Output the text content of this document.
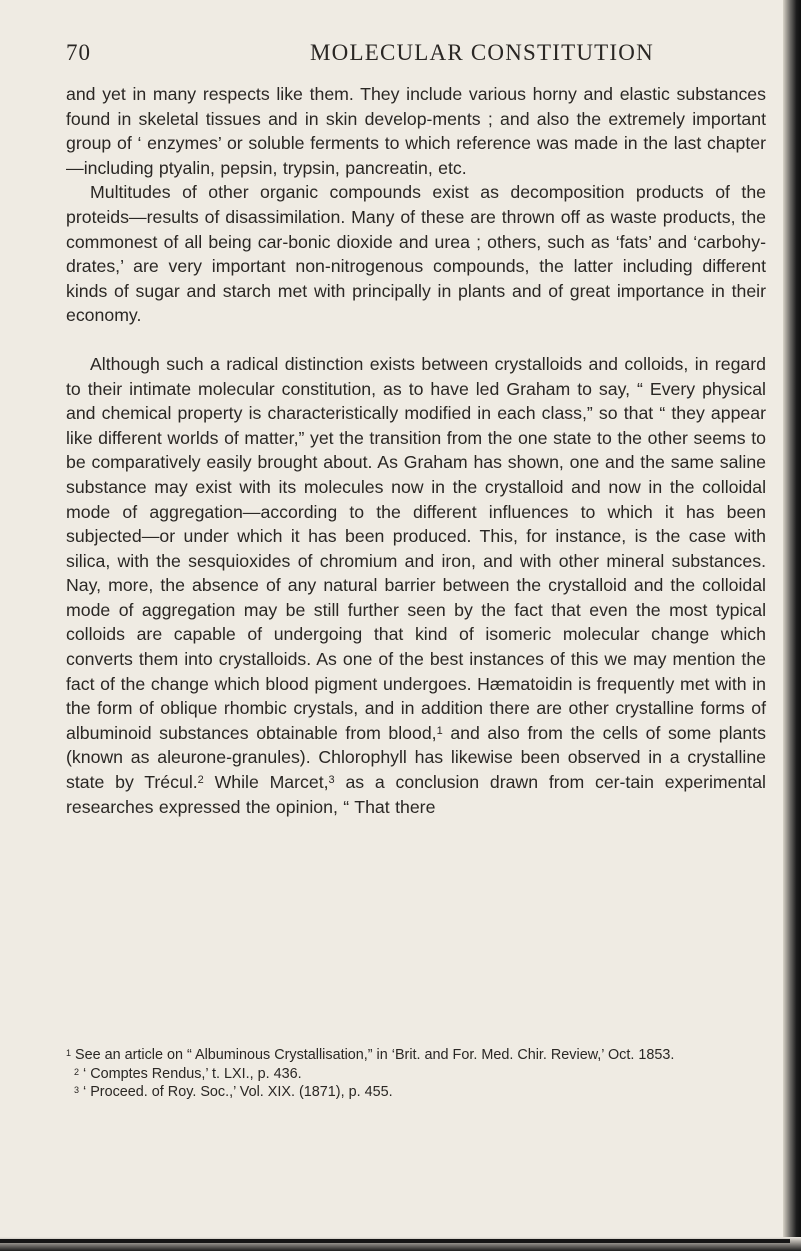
70	MOLECULAR CONSTITUTION

and yet in many respects like them. They include various horny and elastic substances found in skeletal tissues and in skin develop-ments ; and also the extremely important group of ‘ enzymes’ or soluble ferments to which reference was made in the last chapter—including ptyalin, pepsin, trypsin, pancreatin, etc.

Multitudes of other organic compounds exist as decomposition products of the proteids—results of disassimilation. Many of these are thrown off as waste products, the commonest of all being car-bonic dioxide and urea ; others, such as ‘fats’ and ‘carbohy-drates,’ are very important non-nitrogenous compounds, the latter including different kinds of sugar and starch met with principally in plants and of great importance in their economy.

Although such a radical distinction exists between crystalloids and colloids, in regard to their intimate molecular constitution, as to have led Graham to say, “ Every physical and chemical property is characteristically modified in each class,” so that “ they appear like different worlds of matter,” yet the transition from the one state to the other seems to be comparatively easily brought about. As Graham has shown, one and the same saline substance may exist with its molecules now in the crystalloid and now in the colloidal mode of aggregation—according to the different influences to which it has been subjected—or under which it has been produced. This, for instance, is the case with silica, with the sesquioxides of chromium and iron, and with other mineral substances. Nay, more, the absence of any natural barrier between the crystalloid and the colloidal mode of aggregation may be still further seen by the fact that even the most typical colloids are capable of undergoing that kind of isomeric molecular change which converts them into crystalloids. As one of the best instances of this we may mention the fact of the change which blood pigment undergoes. Hæmatoidin is frequently met with in the form of oblique rhombic crystals, and in addition there are other crystalline forms of albuminoid substances obtainable from blood,$^1$ and also from the cells of some plants (known as aleurone-granules). Chlorophyll has likewise been observed in a crystalline state by Trécul.$^2$ While Marcet,$^3$ as a conclusion drawn from cer-tain experimental researches expressed the opinion, “ That there

$^1$ See an article on “ Albuminous Crystallisation,” in ‘Brit. and For. Med. Chir. Review,’ Oct. 1853.

$^2$ ‘ Comptes Rendus,’ t. LXI., p. 436.

$^3$ ‘ Proceed. of Roy. Soc.,’ Vol. XIX. (1871), p. 455.
